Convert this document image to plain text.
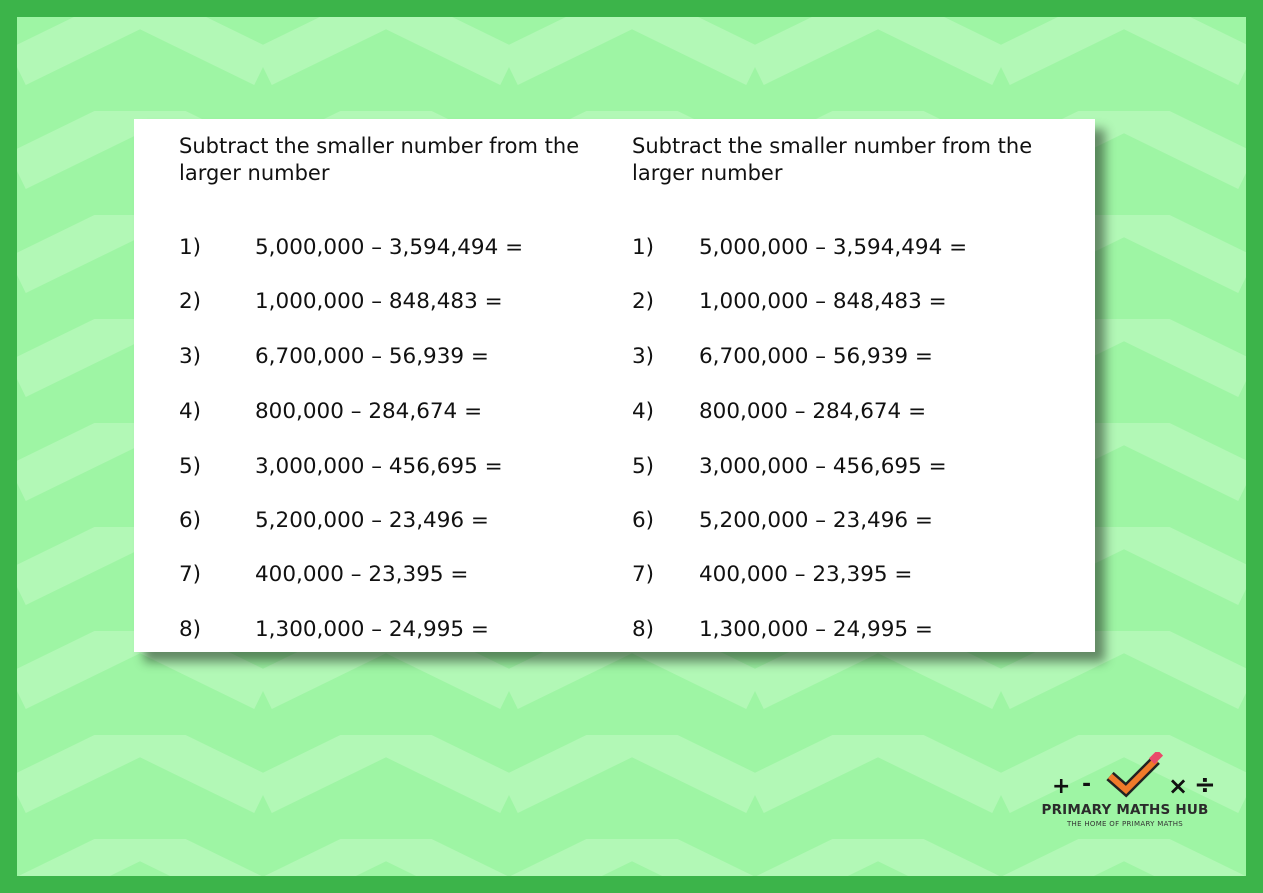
Subtract the smaller number from the larger number
1)	5,000,000 – 3,594,494 =
2)	1,000,000 – 848,483 =
3)	6,700,000 – 56,939 =
4)	800,000 – 284,674 =
5)	3,000,000 – 456,695 =
6)	5,200,000 – 23,496 =
7)	400,000 – 23,395 =
8)	1,300,000 – 24,995 =
Subtract the smaller number from the larger number
1) 5,000,000 – 3,594,494 =
2) 1,000,000 – 848,483 =
3) 6,700,000 – 56,939 =
4) 800,000 – 284,674 =
5) 3,000,000 – 456,695 =
6) 5,200,000 – 23,496 =
7) 400,000 – 23,395 =
8) 1,300,000 – 24,995 =
+ -	× ÷
PRIMARY MATHS HUB
THE HOME OF PRIMARY MATHS
